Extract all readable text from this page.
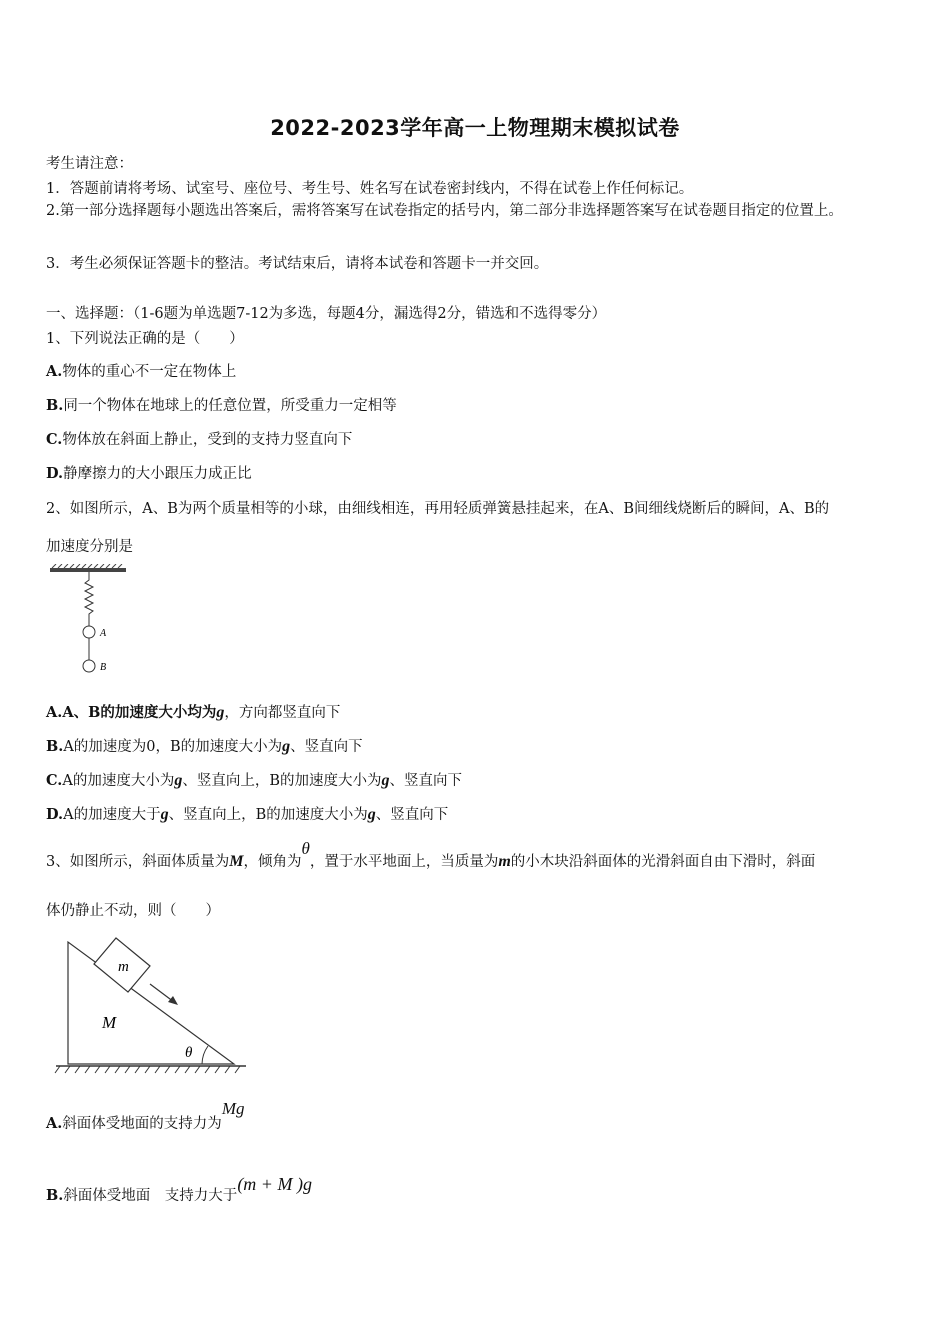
2022-2023学年高一上物理期末模拟试卷
考生请注意：
1．答题前请将考场、试室号、座位号、考生号、姓名写在试卷密封线内，不得在试卷上作任何标记。
2.第一部分选择题每小题选出答案后，需将答案写在试卷指定的括号内，第二部分非选择题答案写在试卷题目指定的位置上。
3．考生必须保证答题卡的整洁。考试结束后，请将本试卷和答题卡一并交回。
一、选择题：（1-6题为单选题7-12为多选，每题4分，漏选得2分，错选和不选得零分）
1、下列说法正确的是（　　）
A.物体的重心不一定在物体上
B.同一个物体在地球上的任意位置，所受重力一定相等
C.物体放在斜面上静止，受到的支持力竖直向下
D.静摩擦力的大小跟压力成正比
2、如图所示，A、B为两个质量相等的小球，由细线相连，再用轻质弹簧悬挂起来，在A、B间细线烧断后的瞬间，A、B的
加速度分别是
A
B
A.A、B的加速度大小均为g，方向都竖直向下
B.A的加速度为0，B的加速度大小为g、竖直向下
C.A的加速度大小为g、竖直向上，B的加速度大小为g、竖直向下
D.A的加速度大于g、竖直向上，B的加速度大小为g、竖直向下
3、如图所示，斜面体质量为M，倾角为θ，置于水平地面上，当质量为m的小木块沿斜面体的光滑斜面自由下滑时，斜面
体仍静止不动，则（　　）
m
M
θ
A.斜面体受地面的支持力为Mg
B.斜面体受地面　支持力大于(m + M )g
